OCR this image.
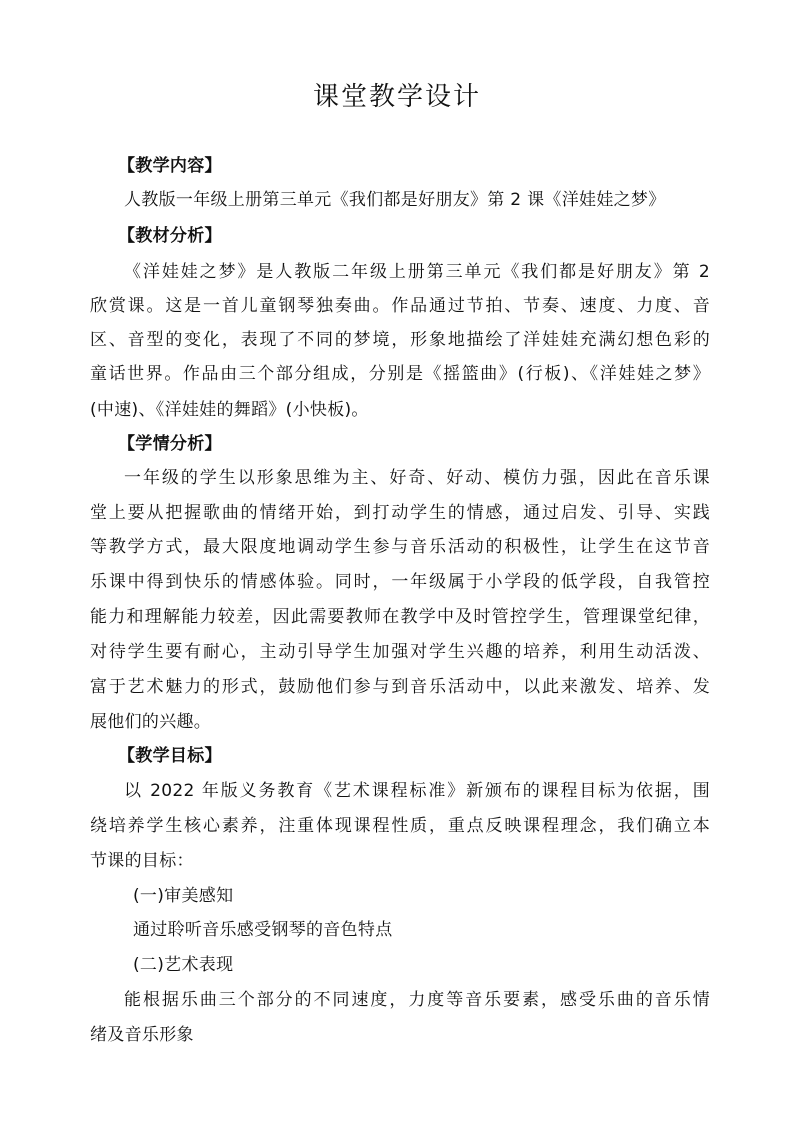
课堂教学设计
【教学内容】
人教版一年级上册第三单元《我们都是好朋友》第 2 课《洋娃娃之梦》
【教材分析】
《洋娃娃之梦》是人教版二年级上册第三单元《我们都是好朋友》第 2
欣赏课。这是一首儿童钢琴独奏曲。作品通过节拍、节奏、速度、力度、音
区、音型的变化，表现了不同的梦境，形象地描绘了洋娃娃充满幻想色彩的
童话世界。作品由三个部分组成，分别是《摇篮曲》(行板)、《洋娃娃之梦》
(中速)、《洋娃娃的舞蹈》(小快板)。
【学情分析】
一年级的学生以形象思维为主、好奇、好动、模仿力强，因此在音乐课
堂上要从把握歌曲的情绪开始，到打动学生的情感，通过启发、引导、实践
等教学方式，最大限度地调动学生参与音乐活动的积极性，让学生在这节音
乐课中得到快乐的情感体验。同时，一年级属于小学段的低学段，自我管控
能力和理解能力较差，因此需要教师在教学中及时管控学生，管理课堂纪律，
对待学生要有耐心，主动引导学生加强对学生兴趣的培养，利用生动活泼、
富于艺术魅力的形式，鼓励他们参与到音乐活动中，以此来激发、培养、发
展他们的兴趣。
【教学目标】
以 2022 年版义务教育《艺术课程标准》新颁布的课程目标为依据，围
绕培养学生核心素养，注重体现课程性质，重点反映课程理念，我们确立本
节课的目标：
(一)审美感知
通过聆听音乐感受钢琴的音色特点
(二)艺术表现
能根据乐曲三个部分的不同速度，力度等音乐要素，感受乐曲的音乐情
绪及音乐形象
